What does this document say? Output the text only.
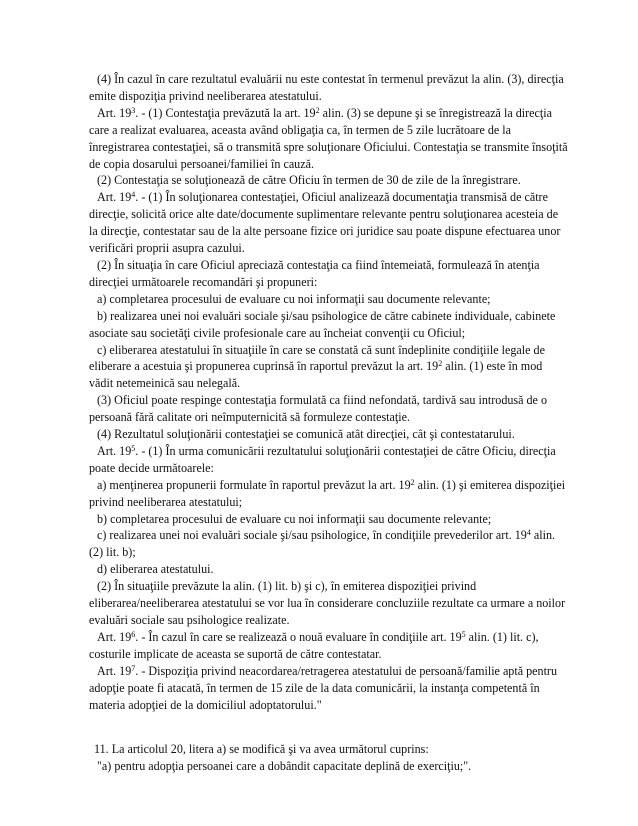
(4) În cazul în care rezultatul evaluării nu este contestat în termenul prevăzut la alin. (3), direcţia emite dispoziţia privind neeliberarea atestatului.

Art. $19^3$. - (1) Contestaţia prevăzută la art. $19^2$ alin. (3) se depune şi se înregistrează la direcţia care a realizat evaluarea, aceasta având obligaţia ca, în termen de 5 zile lucrătoare de la înregistrarea contestaţiei, să o transmită spre soluţionare Oficiului. Contestaţia se transmite însoţită de copia dosarului persoanei/familiei în cauză.

(2) Contestaţia se soluţionează de către Oficiu în termen de 30 de zile de la înregistrare.

Art. $19^4$. - (1) În soluţionarea contestaţiei, Oficiul analizează documentaţia transmisă de către direcţie, solicită orice alte date/documente suplimentare relevante pentru soluţionarea acesteia de la direcţie, contestatar sau de la alte persoane fizice ori juridice sau poate dispune efectuarea unor verificări proprii asupra cazului.

(2) În situaţia în care Oficiul apreciază contestaţia ca fiind întemeiată, formulează în atenţia direcţiei următoarele recomandări şi propuneri:

a) completarea procesului de evaluare cu noi informaţii sau documente relevante;

b) realizarea unei noi evaluări sociale şi/sau psihologice de către cabinete individuale, cabinete asociate sau societăţi civile profesionale care au încheiat convenţii cu Oficiul;

c) eliberarea atestatului în situaţiile în care se constată că sunt îndeplinite condiţiile legale de eliberare a acestuia şi propunerea cuprinsă în raportul prevăzut la art. $19^2$ alin. (1) este în mod vădit netemeinică sau nelegală.

(3) Oficiul poate respinge contestaţia formulată ca fiind nefondată, tardivă sau introdusă de o persoană fără calitate ori neîmputernicită să formuleze contestaţie.

(4) Rezultatul soluţionării contestaţiei se comunică atât direcţiei, cât şi contestatarului.

Art. $19^5$. - (1) În urma comunicării rezultatului soluţionării contestaţiei de către Oficiu, direcţia poate decide următoarele:

a) menţinerea propunerii formulate în raportul prevăzut la art. $19^2$ alin. (1) şi emiterea dispoziţiei privind neeliberarea atestatului;

b) completarea procesului de evaluare cu noi informaţii sau documente relevante;

c) realizarea unei noi evaluări sociale şi/sau psihologice, în condiţiile prevederilor art. $19^4$ alin. (2) lit. b);

d) eliberarea atestatului.

(2) În situaţiile prevăzute la alin. (1) lit. b) şi c), în emiterea dispoziţiei privind eliberarea/neeliberarea atestatului se vor lua în considerare concluziile rezultate ca urmare a noilor evaluări sociale sau psihologice realizate.

Art. $19^6$. - În cazul în care se realizează o nouă evaluare în condiţiile art. $19^5$ alin. (1) lit. c), costurile implicate de aceasta se suportă de către contestatar.

Art. $19^7$. - Dispoziţia privind neacordarea/retragerea atestatului de persoană/familie aptă pentru adopţie poate fi atacată, în termen de 15 zile de la data comunicării, la instanţa competentă în materia adopţiei de la domiciliul adoptatorului."

11. La articolul 20, litera a) se modifică şi va avea următorul cuprins:

"a) pentru adopţia persoanei care a dobândit capacitate deplină de exerciţiu;".
